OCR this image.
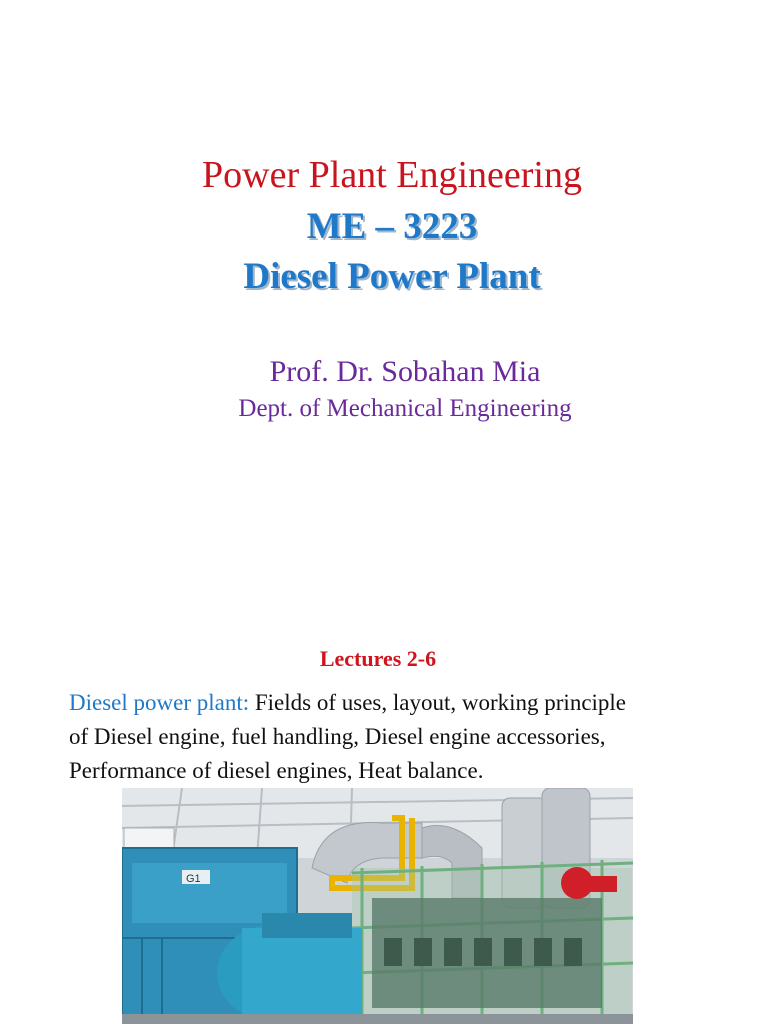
Power Plant Engineering
ME – 3223
Diesel Power Plant
Prof. Dr. Sobahan Mia
Dept. of Mechanical Engineering
Lectures 2-6
Diesel power plant: Fields of uses, layout, working principle
of Diesel engine, fuel handling, Diesel engine accessories,
Performance of diesel engines, Heat balance.
G1
